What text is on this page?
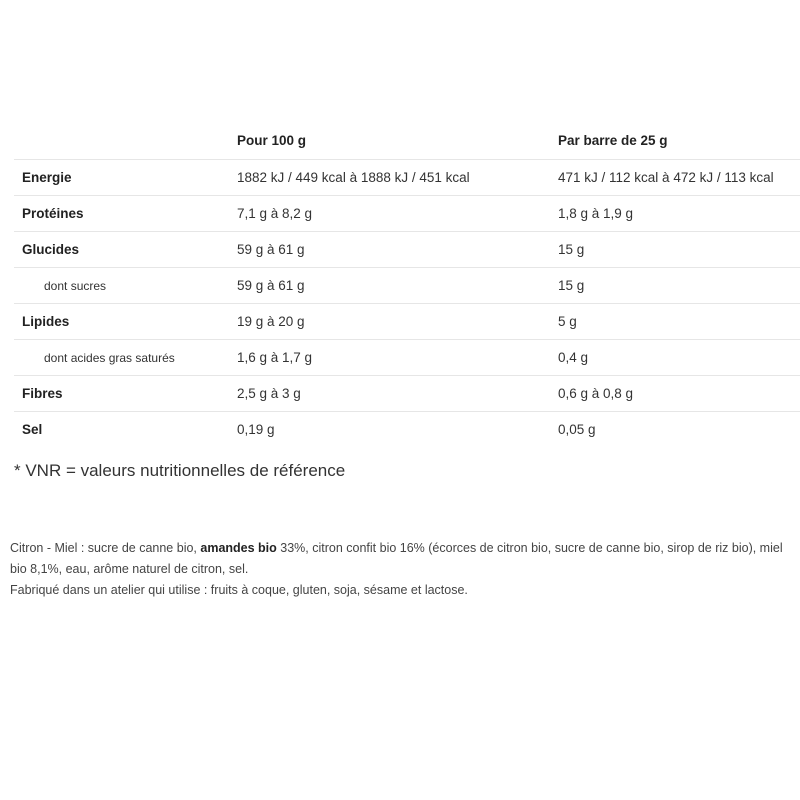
	Pour 100 g	Par barre de 25 g
Energie	1882 kJ / 449 kcal à 1888 kJ / 451 kcal	471 kJ / 112 kcal à 472 kJ / 113 kcal
Protéines	7,1 g à 8,2 g	1,8 g à 1,9 g
Glucides	59 g à 61 g	15 g
dont sucres	59 g à 61 g	15 g
Lipides	19 g à 20 g	5 g
dont acides gras saturés	1,6 g à 1,7 g	0,4 g
Fibres	2,5 g à 3 g	0,6 g à 0,8 g
Sel	0,19 g	0,05 g

* VNR = valeurs nutritionnelles de référence

Citron - Miel : sucre de canne bio, amandes bio 33%, citron confit bio 16% (écorces de citron bio, sucre de canne bio, sirop de riz bio), miel bio 8,1%, eau, arôme naturel de citron, sel.
Fabriqué dans un atelier qui utilise : fruits à coque, gluten, soja, sésame et lactose.
